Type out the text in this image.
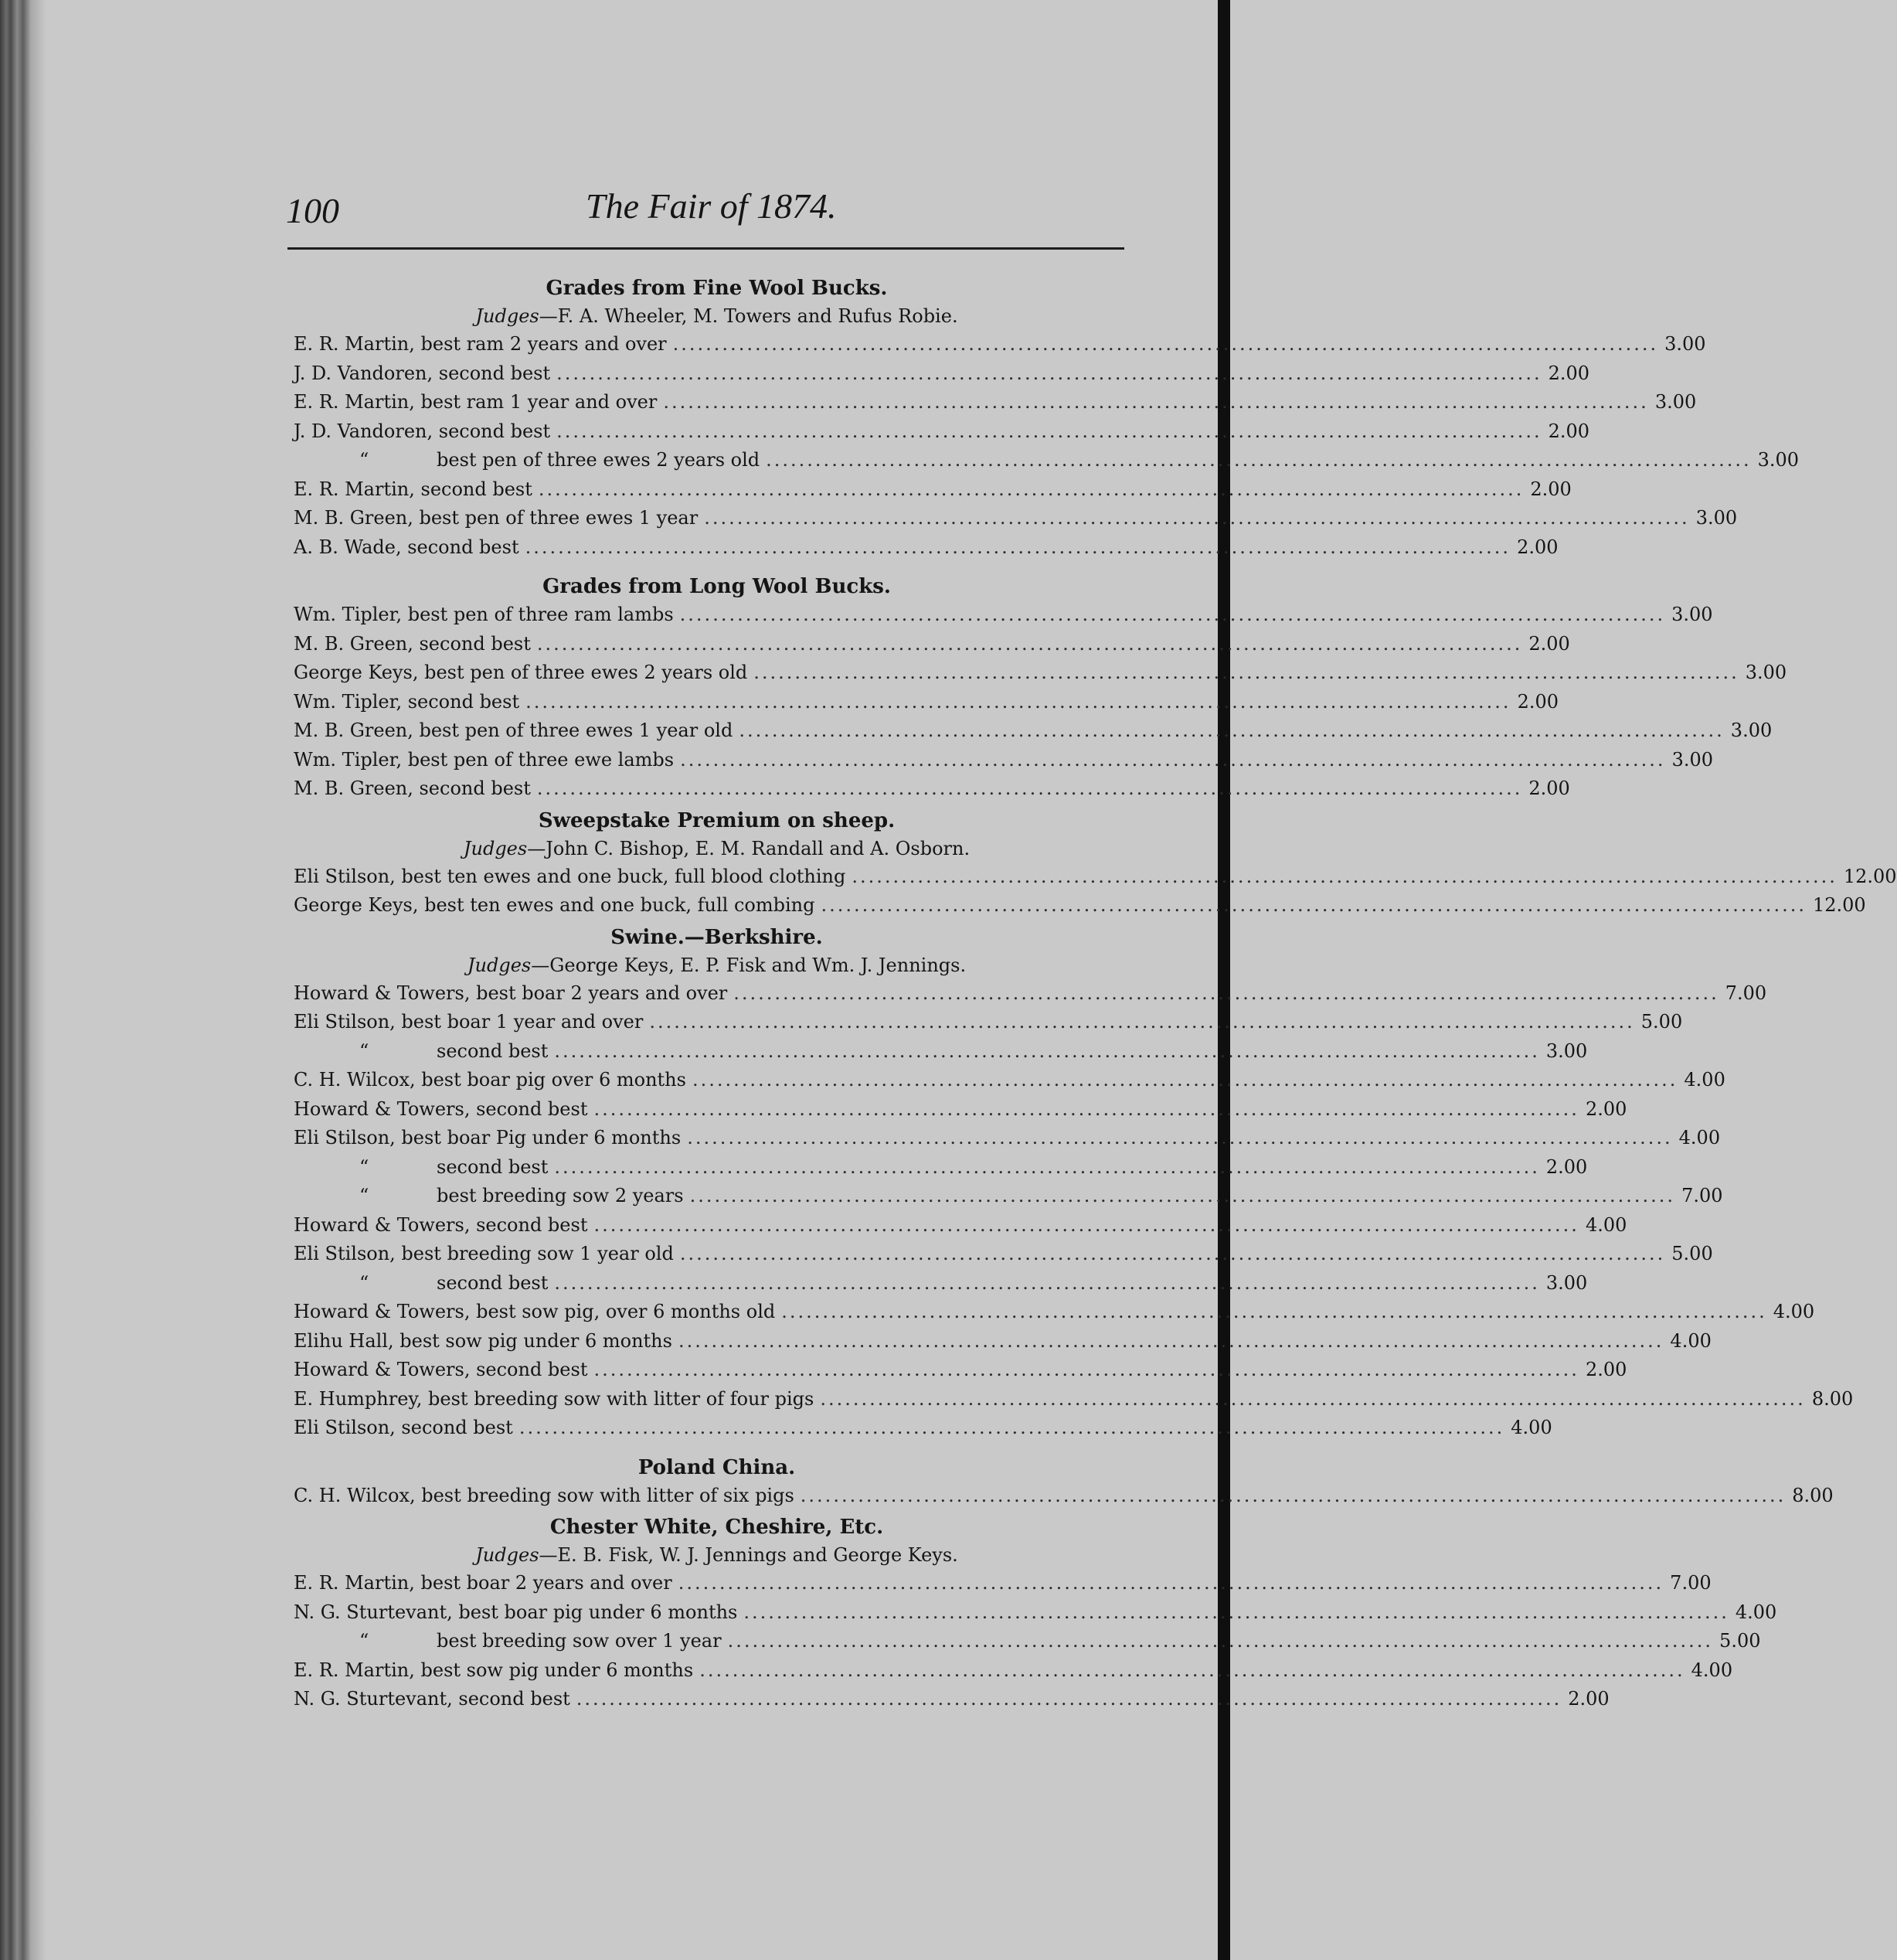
100	The Fair of 1874.
Grades from Fine Wool Bucks.
Judges—F. A. Wheeler, M. Towers and Rufus Robie.
E. R. Martin, best ram 2 years and over ........................................................................................................................ 3.00
J. D. Vandoren, second best ........................................................................................................................ 2.00
E. R. Martin, best ram 1 year and over ........................................................................................................................ 3.00
J. D. Vandoren, second best ........................................................................................................................ 2.00
“	best pen of three ewes 2 years old ........................................................................................................................ 3.00
E. R. Martin, second best ........................................................................................................................ 2.00
M. B. Green, best pen of three ewes 1 year ........................................................................................................................ 3.00
A. B. Wade, second best ........................................................................................................................ 2.00
Grades from Long Wool Bucks.
Wm. Tipler, best pen of three ram lambs ........................................................................................................................ 3.00
M. B. Green, second best ........................................................................................................................ 2.00
George Keys, best pen of three ewes 2 years old ........................................................................................................................ 3.00
Wm. Tipler, second best ........................................................................................................................ 2.00
M. B. Green, best pen of three ewes 1 year old ........................................................................................................................ 3.00
Wm. Tipler, best pen of three ewe lambs ........................................................................................................................ 3.00
M. B. Green, second best ........................................................................................................................ 2.00
Sweepstake Premium on sheep.
Judges—John C. Bishop, E. M. Randall and A. Osborn.
Eli Stilson, best ten ewes and one buck, full blood clothing ........................................................................................................................ 12.00
George Keys, best ten ewes and one buck, full combing ........................................................................................................................ 12.00
Swine.—Berkshire.
Judges—George Keys, E. P. Fisk and Wm. J. Jennings.
Howard & Towers, best boar 2 years and over ........................................................................................................................ 7.00
Eli Stilson, best boar 1 year and over ........................................................................................................................ 5.00
“	second best ........................................................................................................................ 3.00
C. H. Wilcox, best boar pig over 6 months ........................................................................................................................ 4.00
Howard & Towers, second best ........................................................................................................................ 2.00
Eli Stilson, best boar Pig under 6 months ........................................................................................................................ 4.00
“	second best ........................................................................................................................ 2.00
“	best breeding sow 2 years ........................................................................................................................ 7.00
Howard & Towers, second best ........................................................................................................................ 4.00
Eli Stilson, best breeding sow 1 year old ........................................................................................................................ 5.00
“	second best ........................................................................................................................ 3.00
Howard & Towers, best sow pig, over 6 months old ........................................................................................................................ 4.00
Elihu Hall, best sow pig under 6 months ........................................................................................................................ 4.00
Howard & Towers, second best ........................................................................................................................ 2.00
E. Humphrey, best breeding sow with litter of four pigs ........................................................................................................................ 8.00
Eli Stilson, second best ........................................................................................................................ 4.00
Poland China.
C. H. Wilcox, best breeding sow with litter of six pigs ........................................................................................................................ 8.00
Chester White, Cheshire, Etc.
Judges—E. B. Fisk, W. J. Jennings and George Keys.
E. R. Martin, best boar 2 years and over ........................................................................................................................ 7.00
N. G. Sturtevant, best boar pig under 6 months ........................................................................................................................ 4.00
“	best breeding sow over 1 year ........................................................................................................................ 5.00
E. R. Martin, best sow pig under 6 months ........................................................................................................................ 4.00
N. G. Sturtevant, second best ........................................................................................................................ 2.00
